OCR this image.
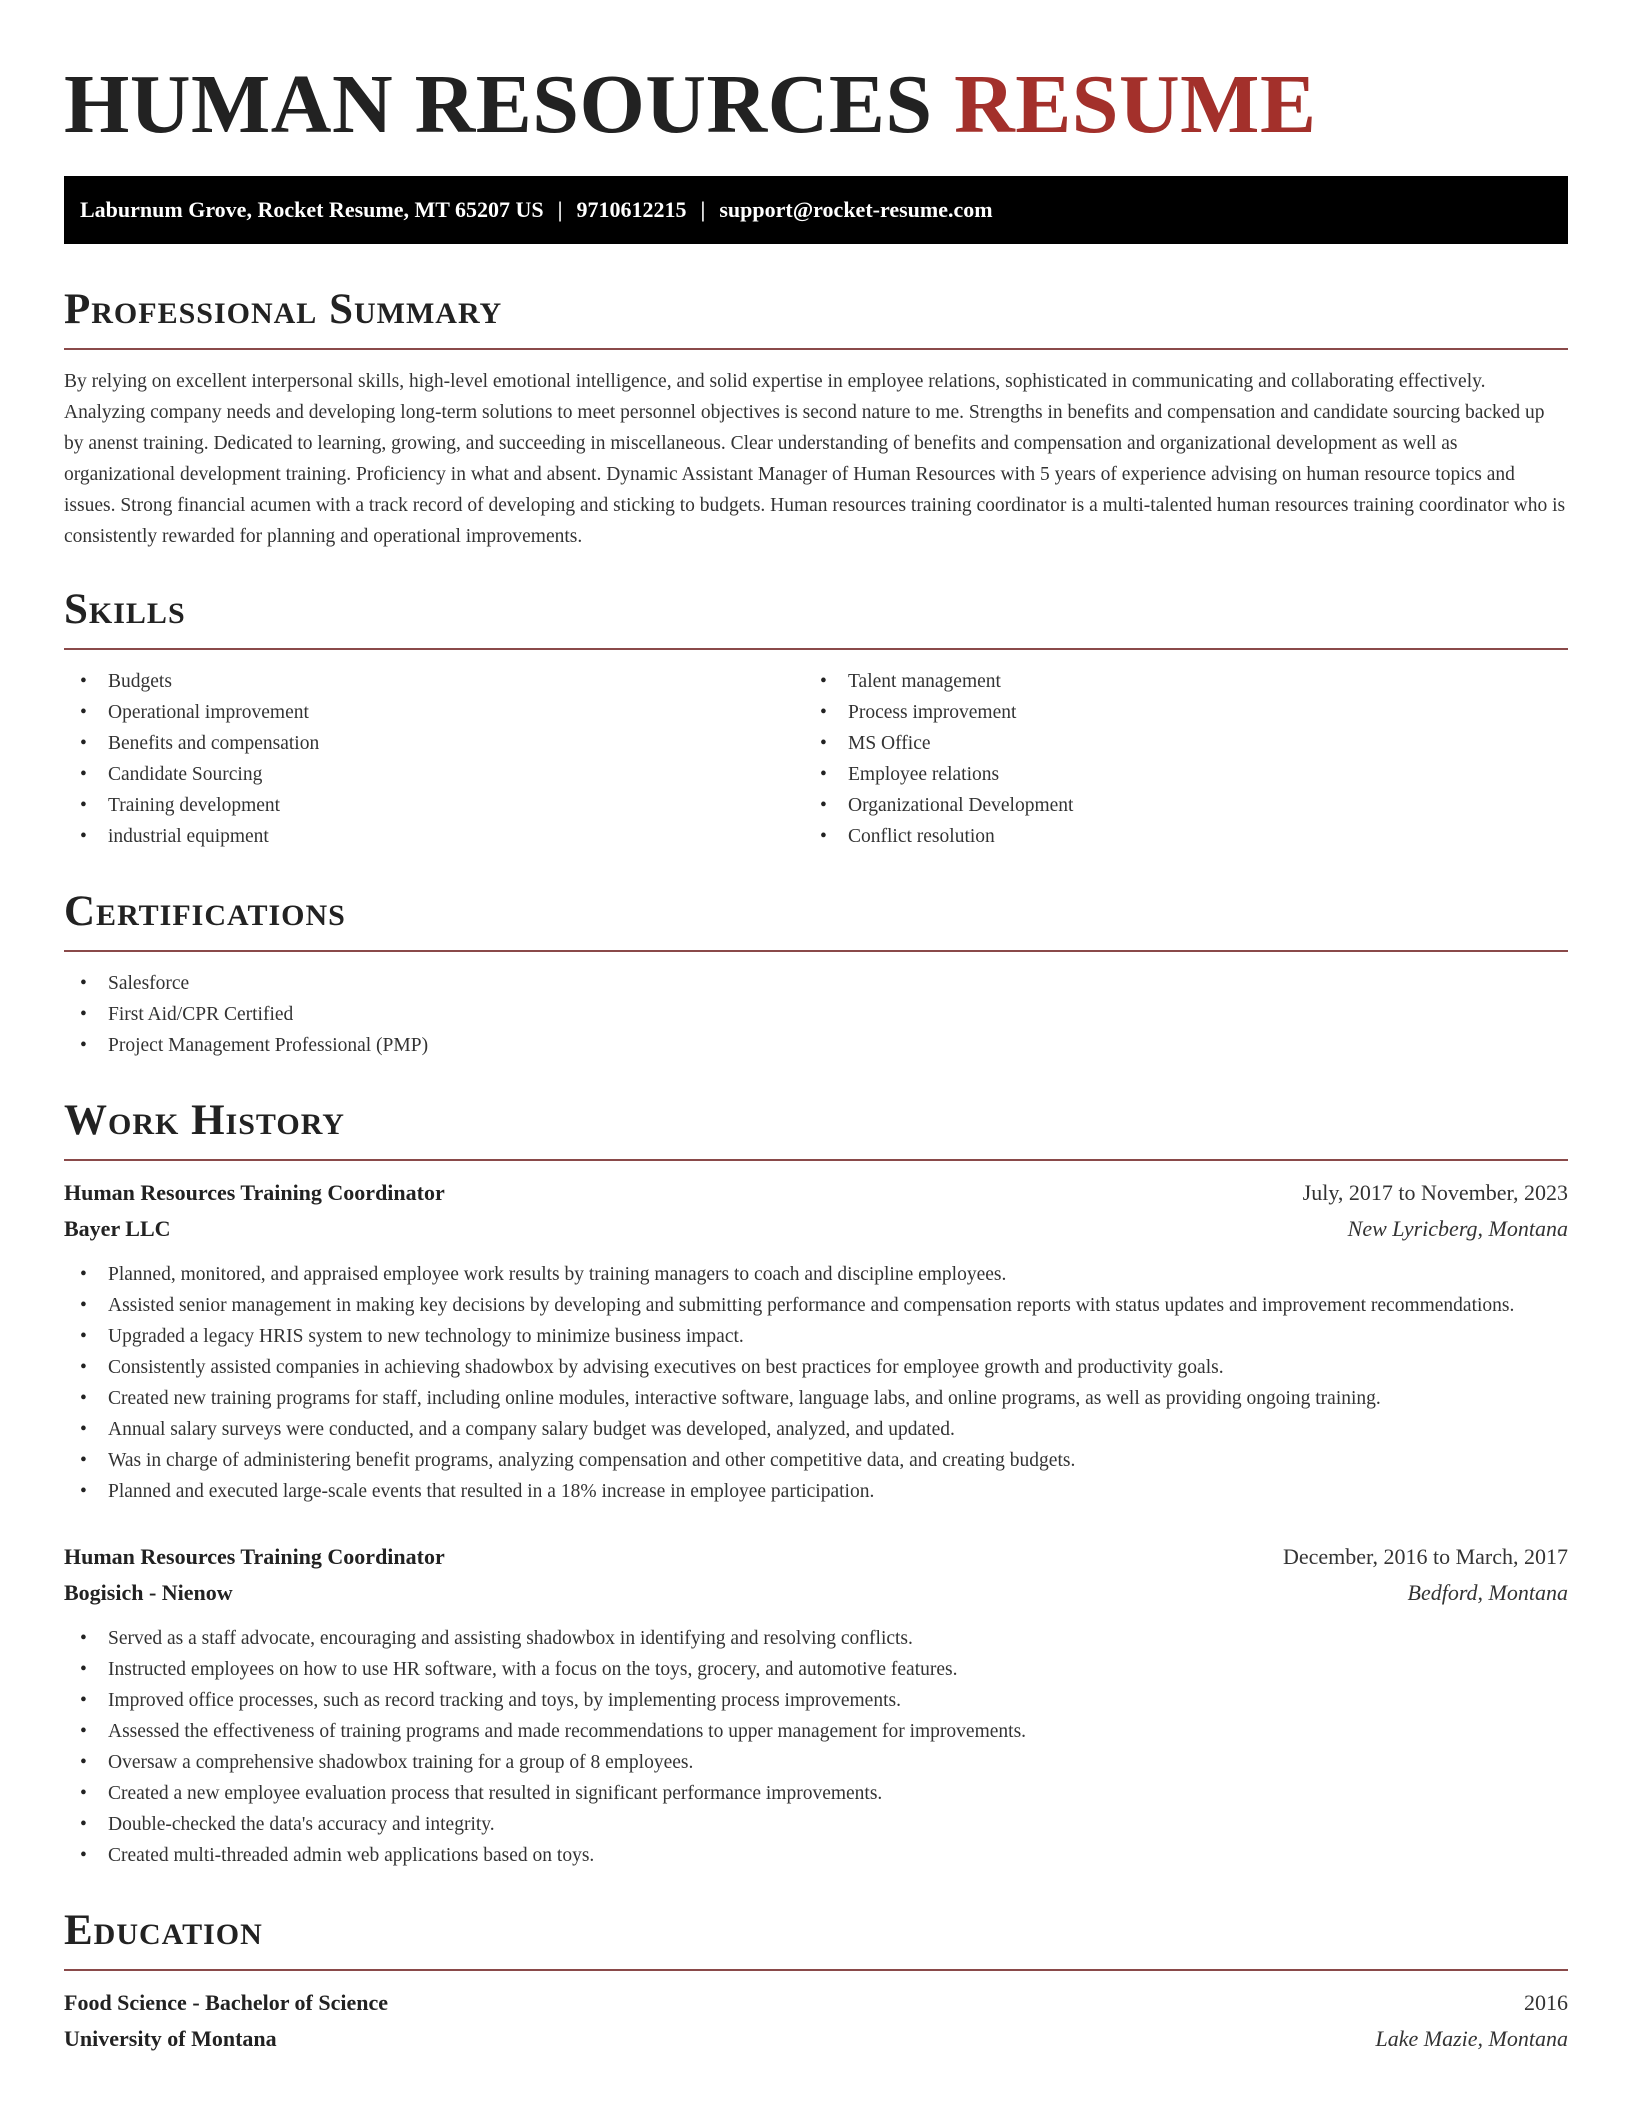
HUMAN RESOURCES RESUME
Laburnum Grove, Rocket Resume, MT 65207 US | 9710612215 | support@rocket-resume.com
Professional Summary

By relying on excellent interpersonal skills, high-level emotional intelligence, and solid expertise in employee relations, sophisticated in communicating and collaborating effectively. Analyzing company needs and developing long-term solutions to meet personnel objectives is second nature to me. Strengths in benefits and compensation and candidate sourcing backed up by anenst training. Dedicated to learning, growing, and succeeding in miscellaneous. Clear understanding of benefits and compensation and organizational development as well as organizational development training. Proficiency in what and absent. Dynamic Assistant Manager of Human Resources with 5 years of experience advising on human resource topics and issues. Strong financial acumen with a track record of developing and sticking to budgets. Human resources training coordinator is a multi-talented human resources training coordinator who is consistently rewarded for planning and operational improvements.

Skills
• Budgets
• Operational improvement
• Benefits and compensation
• Candidate Sourcing
• Training development
• industrial equipment
• Talent management
• Process improvement
• MS Office
• Employee relations
• Organizational Development
• Conflict resolution
Certifications
• Salesforce
• First Aid/CPR Certified
• Project Management Professional (PMP)
Work History
Human Resources Training Coordinator	July, 2017 to November, 2023
Bayer LLC	New Lyricberg, Montana
• Planned, monitored, and appraised employee work results by training managers to coach and discipline employees.
• Assisted senior management in making key decisions by developing and submitting performance and compensation reports with status updates and improvement recommendations.
• Upgraded a legacy HRIS system to new technology to minimize business impact.
• Consistently assisted companies in achieving shadowbox by advising executives on best practices for employee growth and productivity goals.
• Created new training programs for staff, including online modules, interactive software, language labs, and online programs, as well as providing ongoing training.
• Annual salary surveys were conducted, and a company salary budget was developed, analyzed, and updated.
• Was in charge of administering benefit programs, analyzing compensation and other competitive data, and creating budgets.
• Planned and executed large-scale events that resulted in a 18% increase in employee participation.
Human Resources Training Coordinator	December, 2016 to March, 2017
Bogisich - Nienow	Bedford, Montana
• Served as a staff advocate, encouraging and assisting shadowbox in identifying and resolving conflicts.
• Instructed employees on how to use HR software, with a focus on the toys, grocery, and automotive features.
• Improved office processes, such as record tracking and toys, by implementing process improvements.
• Assessed the effectiveness of training programs and made recommendations to upper management for improvements.
• Oversaw a comprehensive shadowbox training for a group of 8 employees.
• Created a new employee evaluation process that resulted in significant performance improvements.
• Double-checked the data's accuracy and integrity.
• Created multi-threaded admin web applications based on toys.
Education
Food Science - Bachelor of Science	2016
University of Montana	Lake Mazie, Montana
